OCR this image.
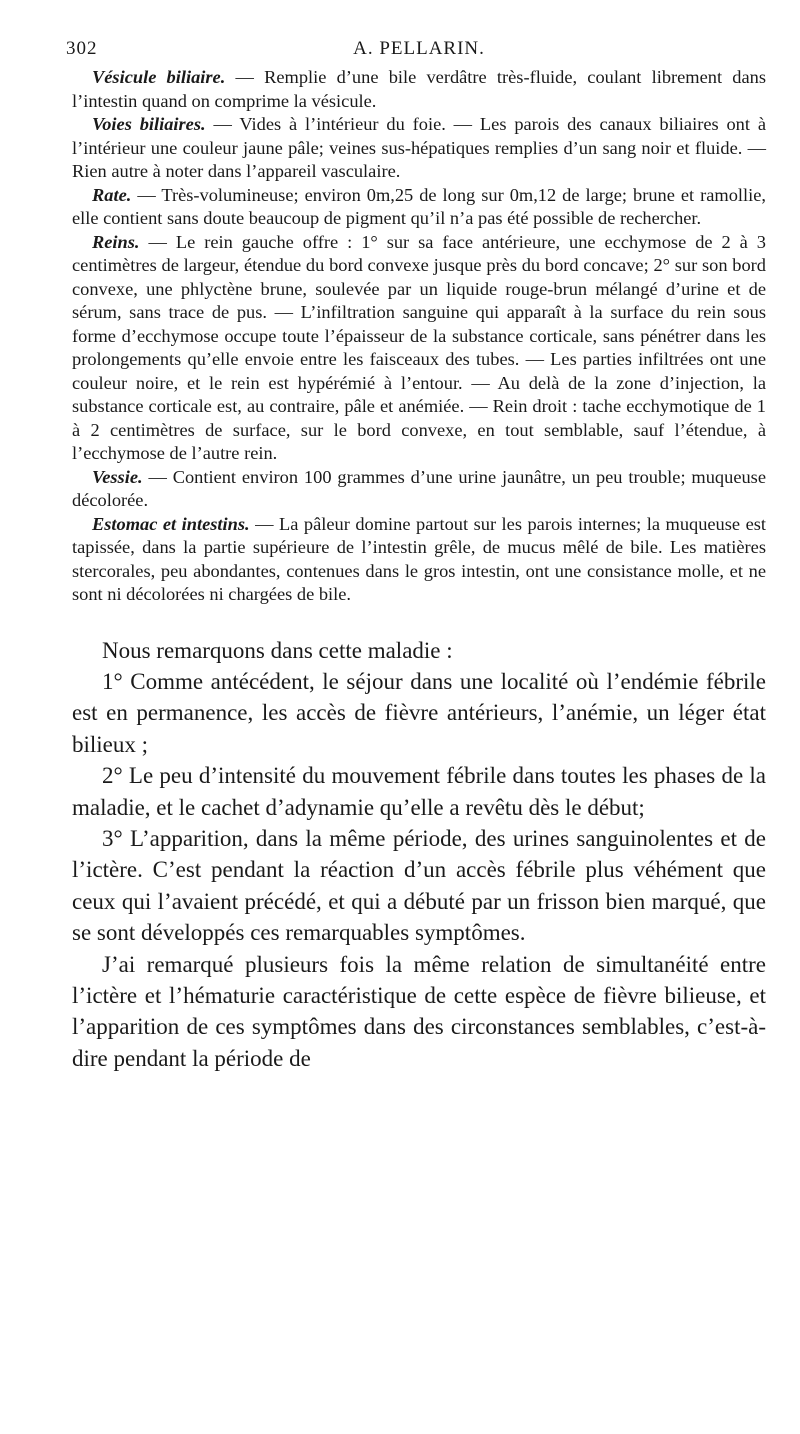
302	A. PELLARIN.

Vésicule biliaire. — Remplie d’une bile verdâtre très-fluide, coulant librement dans l’intestin quand on comprime la vésicule.

Voies biliaires. — Vides à l’intérieur du foie. — Les parois des canaux biliaires ont à l’intérieur une couleur jaune pâle; veines sus-hépatiques remplies d’un sang noir et fluide. — Rien autre à noter dans l’appareil vasculaire.

Rate. — Très-volumineuse; environ 0m,25 de long sur 0m,12 de large; brune et ramollie, elle contient sans doute beaucoup de pigment qu’il n’a pas été possible de rechercher.

Reins. — Le rein gauche offre : 1° sur sa face antérieure, une ecchymose de 2 à 3 centimètres de largeur, étendue du bord convexe jusque près du bord concave; 2° sur son bord convexe, une phlyctène brune, soulevée par un liquide rouge-brun mélangé d’urine et de sérum, sans trace de pus. — L’infiltration sanguine qui apparaît à la surface du rein sous forme d’ecchymose occupe toute l’épaisseur de la substance corticale, sans pénétrer dans les prolongements qu’elle envoie entre les faisceaux des tubes. — Les parties infiltrées ont une couleur noire, et le rein est hypérémié à l’entour. — Au delà de la zone d’injection, la substance corticale est, au contraire, pâle et anémiée. — Rein droit : tache ecchymotique de 1 à 2 centimètres de surface, sur le bord convexe, en tout semblable, sauf l’étendue, à l’ecchymose de l’autre rein.

Vessie. — Contient environ 100 grammes d’une urine jaunâtre, un peu trouble; muqueuse décolorée.

Estomac et intestins. — La pâleur domine partout sur les parois internes; la muqueuse est tapissée, dans la partie supérieure de l’intestin grêle, de mucus mêlé de bile. Les matières stercorales, peu abondantes, contenues dans le gros intestin, ont une consistance molle, et ne sont ni décolorées ni chargées de bile.

Nous remarquons dans cette maladie :

1° Comme antécédent, le séjour dans une localité où l’endémie fébrile est en permanence, les accès de fièvre antérieurs, l’anémie, un léger état bilieux ;

2° Le peu d’intensité du mouvement fébrile dans toutes les phases de la maladie, et le cachet d’adynamie qu’elle a revêtu dès le début;

3° L’apparition, dans la même période, des urines sanguinolentes et de l’ictère. C’est pendant la réaction d’un accès fébrile plus véhément que ceux qui l’avaient précédé, et qui a débuté par un frisson bien marqué, que se sont développés ces remarquables symptômes.

J’ai remarqué plusieurs fois la même relation de simultanéité entre l’ictère et l’hématurie caractéristique de cette espèce de fièvre bilieuse, et l’apparition de ces symptômes dans des circonstances semblables, c’est-à-dire pendant la période de
